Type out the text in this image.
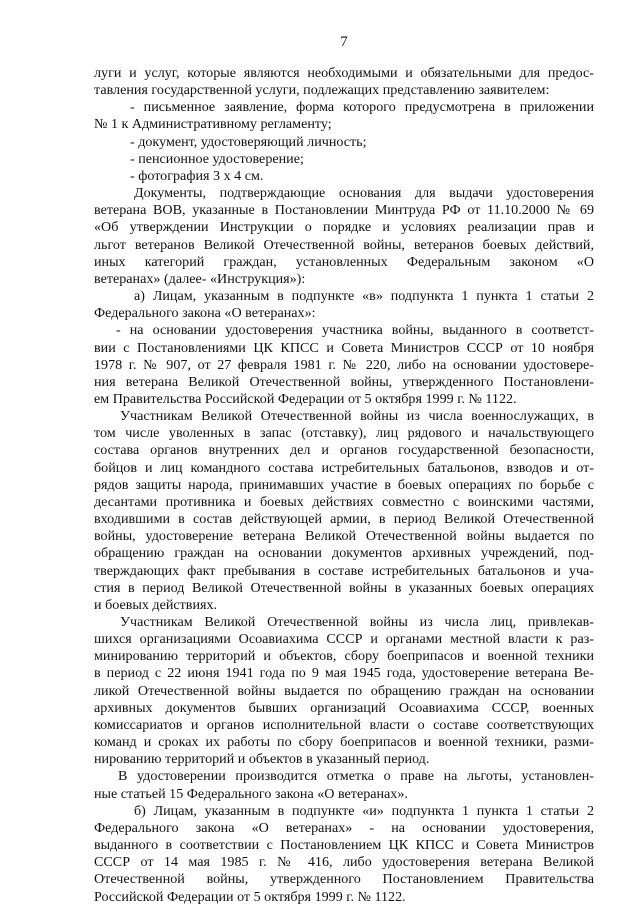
7
луги и услуг, которые являются необходимыми и обязательными для предос-
тавления государственной услуги, подлежащих представлению заявителем:
- письменное заявление, форма которого предусмотрена в приложении
№ 1 к Административному регламенту;
- документ, удостоверяющий личность;
- пенсионное удостоверение;
- фотография 3 х 4 см.
Документы, подтверждающие основания для выдачи удостоверения
ветерана ВОВ, указанные в Постановлении Минтруда РФ от 11.10.2000 № 69
«Об утверждении Инструкции о порядке и условиях реализации прав и
льгот ветеранов Великой Отечественной войны, ветеранов боевых действий,
иных категорий граждан, установленных Федеральным законом «О
ветеранах» (далее- «Инструкция»):
а) Лицам, указанным в подпункте «в» подпункта 1 пункта 1 статьи 2
Федерального закона «О ветеранах»:
- на основании удостоверения участника войны, выданного в соответст-
вии с Постановлениями ЦК КПСС и Совета Министров СССР от 10 ноября
1978 г. № 907, от 27 февраля 1981 г. № 220, либо на основании удостовере-
ния ветерана Великой Отечественной войны, утвержденного Постановлени-
ем Правительства Российской Федерации от 5 октября 1999 г. № 1122.
Участникам Великой Отечественной войны из числа военнослужащих, в
том числе уволенных в запас (отставку), лиц рядового и начальствующего
состава органов внутренних дел и органов государственной безопасности,
бойцов и лиц командного состава истребительных батальонов, взводов и от-
рядов защиты народа, принимавших участие в боевых операциях по борьбе с
десантами противника и боевых действиях совместно с воинскими частями,
входившими в состав действующей армии, в период Великой Отечественной
войны, удостоверение ветерана Великой Отечественной войны выдается по
обращению граждан на основании документов архивных учреждений, под-
тверждающих факт пребывания в составе истребительных батальонов и уча-
стия в период Великой Отечественной войны в указанных боевых операциях
и боевых действиях.
Участникам Великой Отечественной войны из числа лиц, привлекав-
шихся организациями Осоавиахима СССР и органами местной власти к раз-
минированию территорий и объектов, сбору боеприпасов и военной техники
в период с 22 июня 1941 года по 9 мая 1945 года, удостоверение ветерана Ве-
ликой Отечественной войны выдается по обращению граждан на основании
архивных документов бывших организаций Осоавиахима СССР, военных
комиссариатов и органов исполнительной власти о составе соответствующих
команд и сроках их работы по сбору боеприпасов и военной техники, разми-
нированию территорий и объектов в указанный период.
В удостоверении производится отметка о праве на льготы, установлен-
ные статьей 15 Федерального закона «О ветеранах».
б) Лицам, указанным в подпункте «и» подпункта 1 пункта 1 статьи 2
Федерального закона «О ветеранах» - на основании удостоверения,
выданного в соответствии с Постановлением ЦК КПСС и Совета Министров
СССР от 14 мая 1985 г. № 416, либо удостоверения ветерана Великой
Отечественной войны, утвержденного Постановлением Правительства
Российской Федерации от 5 октября 1999 г. № 1122.
